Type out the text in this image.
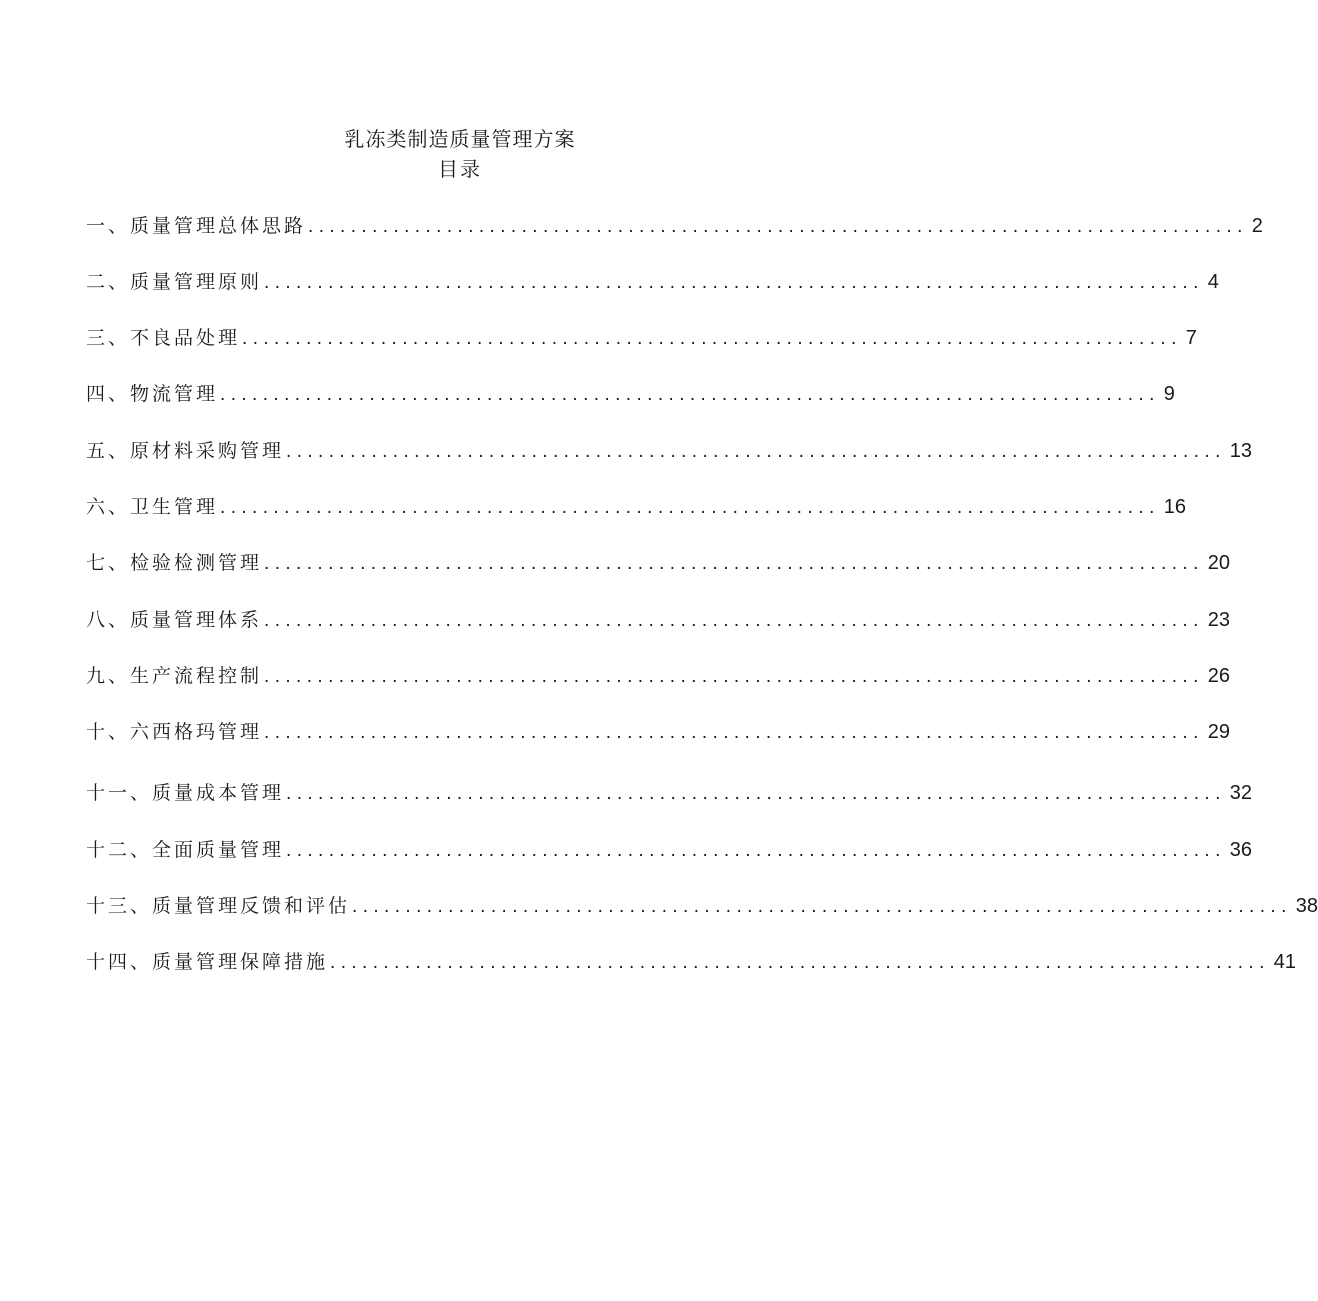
乳冻类制造质量管理方案
目录
一、质量管理总体思路 ........................................................................................ 2
二、质量管理原则 ........................................................................................ 4
三、不良品处理 ........................................................................................ 7
四、物流管理 ........................................................................................ 9
五、原材料采购管理 ........................................................................................ 13
六、卫生管理 ........................................................................................ 16
七、检验检测管理 ........................................................................................ 20
八、质量管理体系 ........................................................................................ 23
九、生产流程控制 ........................................................................................ 26
十、六西格玛管理 ........................................................................................ 29
十一、质量成本管理 ........................................................................................ 32
十二、全面质量管理 ........................................................................................ 36
十三、质量管理反馈和评估 ........................................................................................ 38
十四、质量管理保障措施 ........................................................................................ 41
